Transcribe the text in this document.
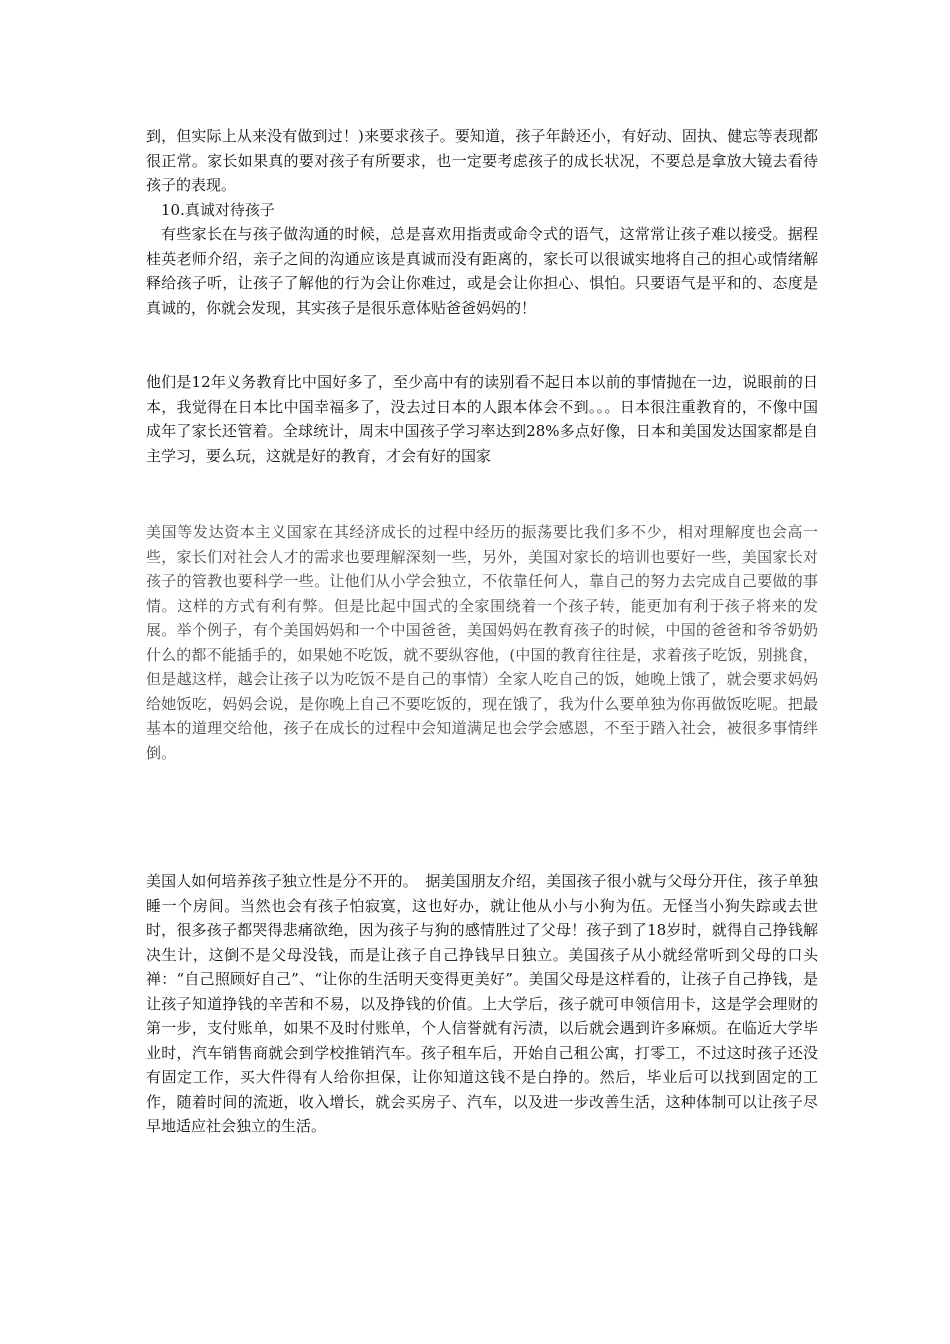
到，但实际上从来没有做到过！)来要求孩子。要知道，孩子年龄还小，有好动、固执、健忘等表现都很正常。家长如果真的要对孩子有所要求，也一定要考虑孩子的成长状况，不要总是拿放大镜去看待孩子的表现。

10.真诚对待孩子

有些家长在与孩子做沟通的时候，总是喜欢用指责或命令式的语气，这常常让孩子难以接受。据程桂英老师介绍，亲子之间的沟通应该是真诚而没有距离的，家长可以很诚实地将自己的担心或情绪解释给孩子听，让孩子了解他的行为会让你难过，或是会让你担心、惧怕。只要语气是平和的、态度是真诚的，你就会发现，其实孩子是很乐意体贴爸爸妈妈的！

他们是12年义务教育比中国好多了，至少高中有的读别看不起日本以前的事情抛在一边，说眼前的日本，我觉得在日本比中国幸福多了，没去过日本的人跟本体会不到。。。日本很注重教育的，不像中国成年了家长还管着。全球统计，周末中国孩子学习率达到28%多点好像，日本和美国发达国家都是自主学习，要么玩，这就是好的教育，才会有好的国家

美国等发达资本主义国家在其经济成长的过程中经历的振荡要比我们多不少，相对理解度也会高一些，家长们对社会人才的需求也要理解深刻一些，另外，美国对家长的培训也要好一些，美国家长对孩子的管教也要科学一些。让他们从小学会独立，不依靠任何人，靠自己的努力去完成自己要做的事情。这样的方式有利有弊。但是比起中国式的全家围绕着一个孩子转，能更加有利于孩子将来的发展。举个例子，有个美国妈妈和一个中国爸爸，美国妈妈在教育孩子的时候，中国的爸爸和爷爷奶奶什么的都不能插手的，如果她不吃饭，就不要纵容他，(中国的教育往往是，求着孩子吃饭，别挑食，但是越这样，越会让孩子以为吃饭不是自己的事情）全家人吃自己的饭，她晚上饿了，就会要求妈妈给她饭吃，妈妈会说，是你晚上自己不要吃饭的，现在饿了，我为什么要单独为你再做饭吃呢。把最基本的道理交给他，孩子在成长的过程中会知道满足也会学会感恩，不至于踏入社会，被很多事情绊倒。

美国人如何培养孩子独立性是分不开的。　据美国朋友介绍，美国孩子很小就与父母分开住，孩子单独睡一个房间。当然也会有孩子怕寂寞，这也好办，就让他从小与小狗为伍。无怪当小狗失踪或去世时，很多孩子都哭得悲痛欲绝，因为孩子与狗的感情胜过了父母！孩子到了18岁时，就得自己挣钱解决生计，这倒不是父母没钱，而是让孩子自己挣钱早日独立。美国孩子从小就经常听到父母的口头禅：“自己照顾好自己”、“让你的生活明天变得更美好”。美国父母是这样看的，让孩子自己挣钱，是让孩子知道挣钱的辛苦和不易，以及挣钱的价值。上大学后，孩子就可申领信用卡，这是学会理财的第一步，支付账单，如果不及时付账单，个人信誉就有污渍，以后就会遇到许多麻烦。在临近大学毕业时，汽车销售商就会到学校推销汽车。孩子租车后，开始自己租公寓，打零工，不过这时孩子还没有固定工作，买大件得有人给你担保，让你知道这钱不是白挣的。然后，毕业后可以找到固定的工作，随着时间的流逝，收入增长，就会买房子、汽车，以及进一步改善生活，这种体制可以让孩子尽早地适应社会独立的生活。
